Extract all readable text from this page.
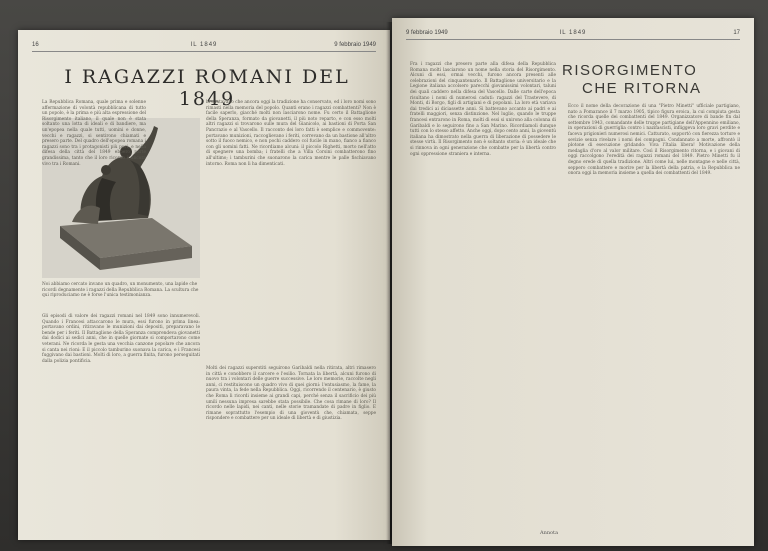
16	IL 1849	9 febbraio 1949
I RAGAZZI ROMANI DEL 1849
Noi abbiamo cercato invano un quadro, un monumento, una lapide che ricordi degnamente i ragazzi della Repubblica Romana. La scultura che qui riproduciamo ne è forse l'unica testimonianza.
La Repubblica Romana, quale prima e solenne affermazione di volontà repubblicana di tutto un popolo, è la prima e più alta espressione del Risorgimento italiano, il quale non è stata soltanto una lotta di ideali e di bandiere, ma un'epopea nella quale tutti, uomini e donne, vecchi e ragazzi, si sentirono chiamati e presero parte. Del quadro dell'epopea romana i ragazzi sono tra i protagonisti più puri, e nella difesa della città del 1849 ebbero parte grandissima, tanto che il loro ricordo è ancora vivo tra i Romani.
la cantavano che ancora oggi la tradizione ha conservato, ed i loro nomi sono rimasti nella memoria del popolo. Quanti erano i ragazzi combattenti? Non è facile saperlo, giacché molti non lasciarono nome. Fu certo il Battaglione della Speranza, formato da giovanetti, il più noto reparto, e con esso molti altri ragazzi si trovarono sulle mura del Gianicolo, ai bastioni di Porta San Pancrazio e al Vascello. Il racconto dei loro fatti è semplice e commovente: portavano munizioni, raccoglievano i feriti, correvano da un bastione all'altro sotto il fuoco nemico, e non pochi caddero col fucile in mano, fianco a fianco con gli uomini fatti. Ne ricordiamo alcuni: il piccolo Righetti, morto nell'atto di spegnere una bomba; i fratelli che a Villa Corsini combatterono fino all'ultimo; i tamburini che suonarono la carica mentre le palle fischiavano intorno. Roma non li ha dimenticati.
Gli episodi di valore dei ragazzi romani nel 1849 sono innumerevoli. Quando i Francesi attaccarono le mura, essi furono in prima linea: portavano ordini, ritiravano le munizioni dai depositi, preparavano le bende per i feriti. Il Battaglione della Speranza comprendeva giovanetti dai dodici ai sedici anni, che in quelle giornate si comportarono come veterani. Ne ricorda le gesta una vecchia canzone popolare che ancora si canta nei rioni: E il piccolo tamburino suonava la carica, e i Francesi fuggivano dai bastioni. Molti di loro, a guerra finita, furono perseguitati dalla polizia pontificia.
Molti dei ragazzi superstiti seguirono Garibaldi nella ritirata, altri rimasero in città e conobbero il carcere e l'esilio. Tornata la libertà, alcuni furono di nuovo tra i volontari delle guerre successive. Le loro memorie, raccolte negli anni, ci restituiscono un quadro vivo di quei giorni: l'entusiasmo, la fame, la paura vinta, la fede nella Repubblica. Oggi, ricorrendo il centenario, è giusto che Roma li ricordi insieme ai grandi capi, perché senza il sacrificio dei più umili nessuna impresa sarebbe stata possibile. Che cosa rimane di loro? Il ricordo nelle lapidi, nei canti, nelle storie tramandate di padre in figlio. E rimane soprattutto l'esempio di una gioventù che, chiamata, seppe rispondere e combattere per un ideale di libertà e di giustizia.
9 febbraio 1949	IL 1849	17
RISORGIMENTO
CHE RITORNA
Fra i ragazzi che presero parte alla difesa della Repubblica Romana molti lasciarono un nome nella storia del Risorgimento. Alcuni di essi, ormai vecchi, furono ancora presenti alle celebrazioni del cinquantenario. Il Battaglione universitario e la Legione italiana accolsero parecchi giovanissimi volontari, taluni dei quali caddero nella difesa del Vascello. Dalle carte dell'epoca risultano i nomi di numerosi caduti: ragazzi del Trastevere, di Monti, di Borgo, figli di artigiani e di popolani. La loro età variava dai tredici ai diciassette anni. Si battevano accanto ai padri e ai fratelli maggiori, senza distinzione. Nel luglio, quando le truppe francesi entrarono in Roma, molti di essi si unirono alla colonna di Garibaldi e lo seguirono fino a San Marino. Ricordiamoli dunque tutti con lo stesso affetto. Anche oggi, dopo cento anni, la gioventù italiana ha dimostrato nella guerra di liberazione di possedere le stesse virtù. Il Risorgimento non è soltanto storia: è un ideale che si rinnova in ogni generazione che combatte per la libertà contro ogni oppressione straniera e interna.
Ecco il nome della decorazione di una "Pietro Minetti" ufficiale partigiano, nato a Pomarance il 7 marzo 1905, tipico figura eroica, la cui compiuta gesta che ricorda quelle dei combattenti del 1849. Organizzatore di bande fin dal settembre 1943, comandante delle truppe partigiane dell'Appennino emiliano, in operazioni di guerriglia contro i nazifascisti, infliggeva loro gravi perdite e faceva prigionieri numerosi nemici. Catturato, sopportò con fierezza torture e sevizie senza rivelare i nomi dei compagni. Condannato a morte, affrontò il plotone di esecuzione gridando: Viva l'Italia libera! Motivazione della medaglia d'oro al valor militare. Così il Risorgimento ritorna, e i giovani di oggi raccolgono l'eredità dei ragazzi romani del 1849. Pietro Minetti fu il degno erede di quella tradizione. Altri come lui, nelle montagne e nelle città, seppero combattere e morire per la libertà della patria, e la Repubblica ne onora oggi la memoria insieme a quella dei combattenti del 1849.
Annota
